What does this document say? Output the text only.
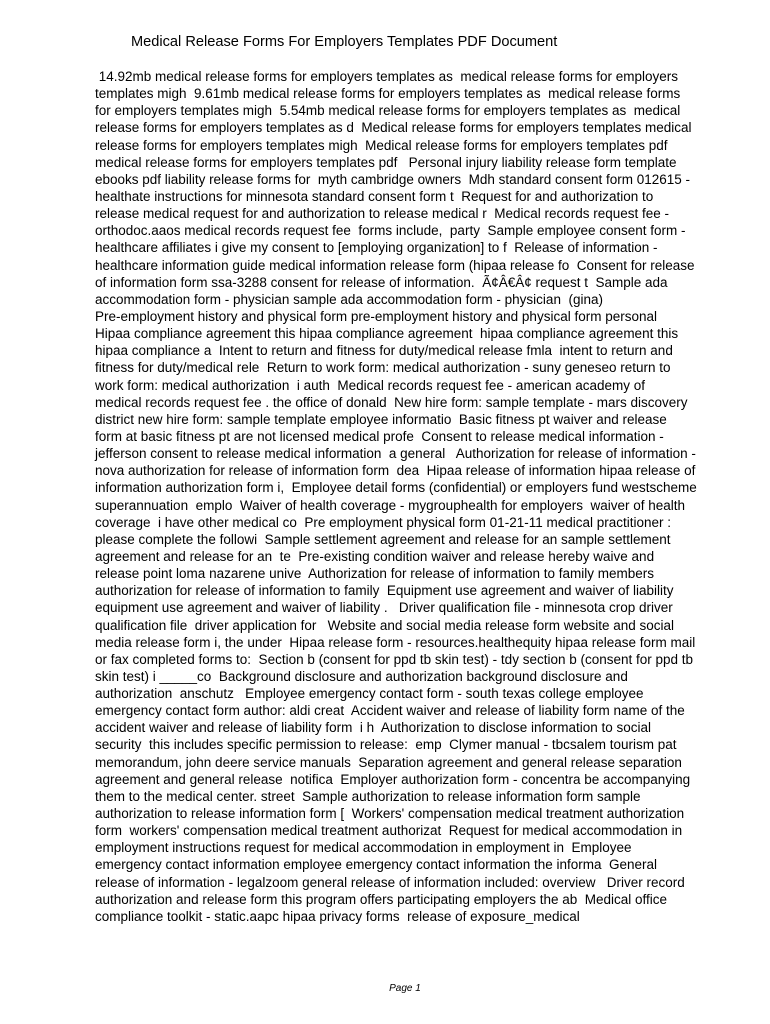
Medical Release Forms For Employers Templates PDF Document
14.92mb medical release forms for employers templates as  medical release forms for employers
templates migh  9.61mb medical release forms for employers templates as  medical release forms
for employers templates migh  5.54mb medical release forms for employers templates as  medical
release forms for employers templates as d  Medical release forms for employers templates medical
release forms for employers templates migh  Medical release forms for employers templates pdf
medical release forms for employers templates pdf   Personal injury liability release form template
ebooks pdf liability release forms for  myth cambridge owners  Mdh standard consent form 012615 -
healthate instructions for minnesota standard consent form t  Request for and authorization to
release medical request for and authorization to release medical r  Medical records request fee -
orthodoc.aaos medical records request fee  forms include,  party  Sample employee consent form -
healthcare affiliates i give my consent to [employing organization] to f  Release of information -
healthcare information guide medical information release form (hipaa release fo  Consent for release
of information form ssa-3288 consent for release of information.  Ã¢Â€Â¢ request t  Sample ada
accommodation form - physician sample ada accommodation form - physician  (gina)
Pre-employment history and physical form pre-employment history and physical form personal
Hipaa compliance agreement this hipaa compliance agreement  hipaa compliance agreement this
hipaa compliance a  Intent to return and fitness for duty/medical release fmla  intent to return and
fitness for duty/medical rele  Return to work form: medical authorization - suny geneseo return to
work form: medical authorization  i auth  Medical records request fee - american academy of
medical records request fee . the office of donald  New hire form: sample template - mars discovery
district new hire form: sample template employee informatio  Basic fitness pt waiver and release
form at basic fitness pt are not licensed medical profe  Consent to release medical information -
jefferson consent to release medical information  a general   Authorization for release of information -
nova authorization for release of information form  dea  Hipaa release of information hipaa release of
information authorization form i,  Employee detail forms (confidential) or employers fund westscheme
superannuation  emplo  Waiver of health coverage - mygrouphealth for employers  waiver of health
coverage  i have other medical co  Pre employment physical form 01-21-11 medical practitioner :
please complete the followi  Sample settlement agreement and release for an sample settlement
agreement and release for an  te  Pre-existing condition waiver and release hereby waive and
release point loma nazarene unive  Authorization for release of information to family members
authorization for release of information to family  Equipment use agreement and waiver of liability
equipment use agreement and waiver of liability .   Driver qualification file - minnesota crop driver
qualification file  driver application for   Website and social media release form website and social
media release form i, the under  Hipaa release form - resources.healthequity hipaa release form mail
or fax completed forms to:  Section b (consent for ppd tb skin test) - tdy section b (consent for ppd tb
skin test) i _____co  Background disclosure and authorization background disclosure and
authorization  anschutz   Employee emergency contact form - south texas college employee
emergency contact form author: aldi creat  Accident waiver and release of liability form name of the
accident waiver and release of liability form  i h  Authorization to disclose information to social
security  this includes specific permission to release:  emp  Clymer manual - tbcsalem tourism pat
memorandum, john deere service manuals  Separation agreement and general release separation
agreement and general release  notifica  Employer authorization form - concentra be accompanying
them to the medical center. street  Sample authorization to release information form sample
authorization to release information form [  Workers' compensation medical treatment authorization
form  workers' compensation medical treatment authorizat  Request for medical accommodation in
employment instructions request for medical accommodation in employment in  Employee
emergency contact information employee emergency contact information the informa  General
release of information - legalzoom general release of information included: overview   Driver record
authorization and release form this program offers participating employers the ab  Medical office
compliance toolkit - static.aapc hipaa privacy forms  release of exposure_medical
Page 1
